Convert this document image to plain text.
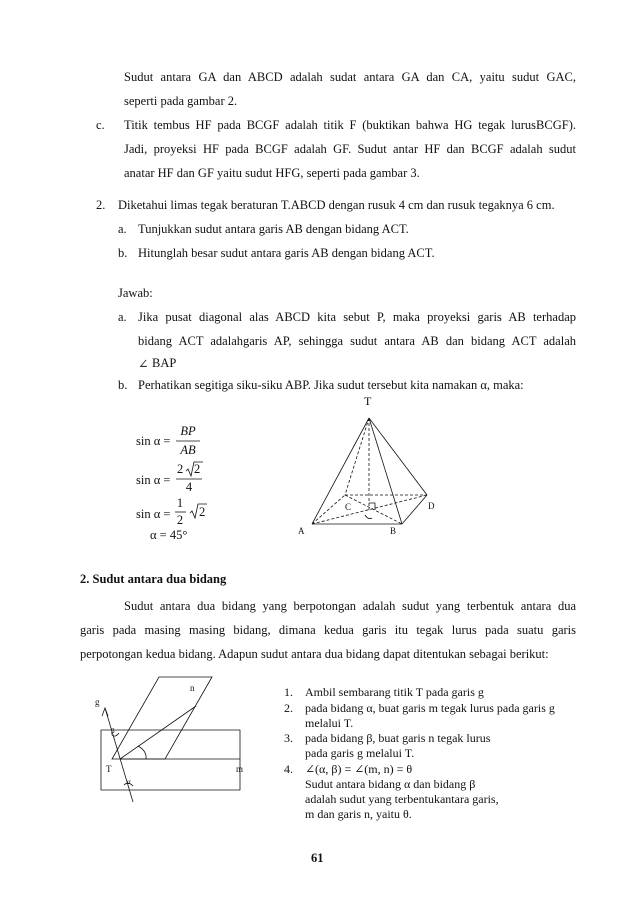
Sudut antara GA dan ABCD adalah sudat antara GA dan CA, yaitu sudut GAC,
seperti pada gambar 2.
c. Titik tembus HF pada BCGF adalah titik F (buktikan bahwa HG tegak lurusBCGF).
Jadi, proyeksi HF pada BCGF adalah GF. Sudut antar HF dan BCGF adalah sudut
anatar HF dan GF yaitu sudut HFG, seperti pada gambar 3.
2. Diketahui limas tegak beraturan T.ABCD dengan rusuk 4 cm dan rusuk tegaknya 6 cm.
a. Tunjukkan sudut antara garis AB dengan bidang ACT.
b. Hitunglah besar sudut antara garis AB dengan bidang ACT.
Jawab:
a. Jika pusat diagonal alas ABCD kita sebut P, maka proyeksi garis AB terhadap
bidang ACT adalahgaris AP, sehingga sudut antara AB dan bidang ACT adalah
∠ BAP
b. Perhatikan segitiga siku-siku ABP. Jika sudut tersebut kita namakan α, maka:
sin α =
BP
AB
sin α =
2 2
4
sin α =
1
2
2
α = 45°
T
A	B
C	D
2. Sudut antara dua bidang
Sudut antara dua bidang yang berpotongan adalah sudut yang terbentuk antara dua
garis pada masing masing bidang, dimana kedua garis itu tegak lurus pada suatu garis
perpotongan kedua bidang. Adapun sudut antara dua bidang dapat ditentukan sebagai berikut:
g
n
T	m
β
α
1. Ambil sembarang titik T pada garis g
2. pada bidang α, buat garis m tegak lurus pada garis g
melalui T.
3. pada bidang β, buat garis n tegak lurus
pada garis g melalui T.
4. ∠(α, β) = ∠(m, n) = θ
Sudut antara bidang α dan bidang β
adalah sudut yang terbentukantara garis,
m dan garis n, yaitu θ.
61
